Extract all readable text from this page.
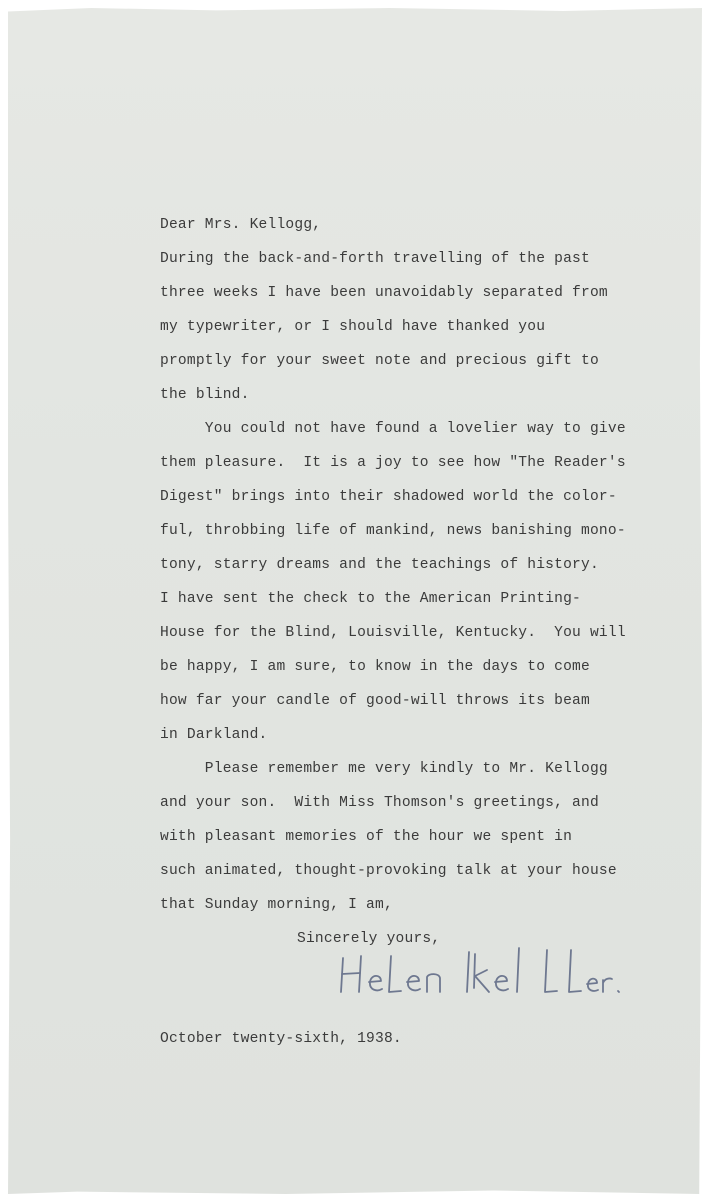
Dear Mrs. Kellogg,
During the back-and-forth travelling of the past
three weeks I have been unavoidably separated from
my typewriter, or I should have thanked you
promptly for your sweet note and precious gift to
the blind.
You could not have found a lovelier way to give
them pleasure.  It is a joy to see how "The Reader's
Digest" brings into their shadowed world the color-
ful, throbbing life of mankind, news banishing mono-
tony, starry dreams and the teachings of history.
I have sent the check to the American Printing-
House for the Blind, Louisville, Kentucky.  You will
be happy, I am sure, to know in the days to come
how far your candle of good-will throws its beam
in Darkland.
Please remember me very kindly to Mr. Kellogg
and your son.  With Miss Thomson's greetings, and
with pleasant memories of the hour we spent in
such animated, thought-provoking talk at your house
that Sunday morning, I am,
Sincerely yours,
October twenty-sixth, 1938.
